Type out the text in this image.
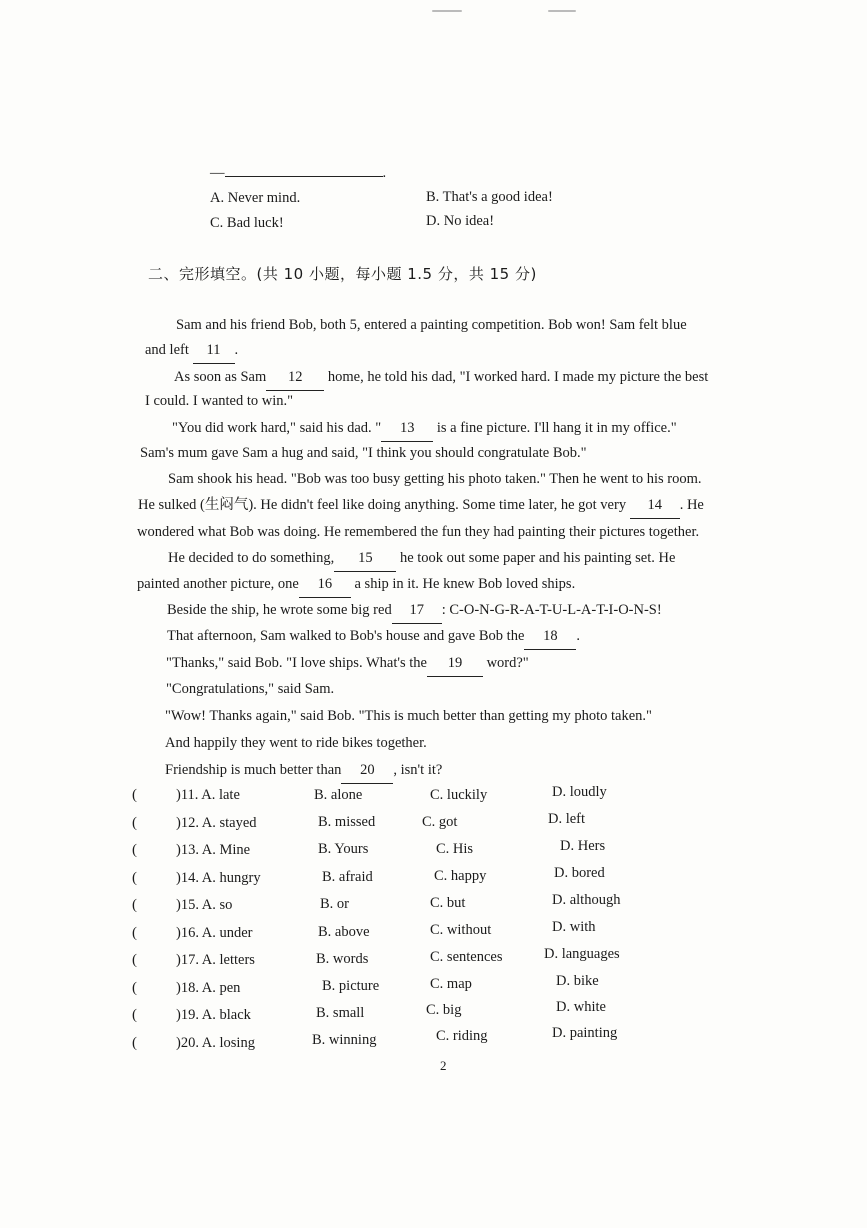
—	.
A. Never mind.	B. That's a good idea!
C. Bad luck!	D. No idea!
二、完形填空。(共 10 小题，每小题 1.5 分，共 15 分)
Sam and his friend Bob, both 5, entered a painting competition. Bob won! Sam felt blue
and left 11 .
As soon as Sam 12 home, he told his dad, "I worked hard. I made my picture the best
I could. I wanted to win."
"You did work hard," said his dad. " 13 is a fine picture. I'll hang it in my office."
Sam's mum gave Sam a hug and said, "I think you should congratulate Bob."
Sam shook his head. "Bob was too busy getting his photo taken." Then he went to his room.
He sulked (生闷气). He didn't feel like doing anything. Some time later, he got very 14 . He
wondered what Bob was doing. He remembered the fun they had painting their pictures together.
He decided to do something, 15 he took out some paper and his painting set. He
painted another picture, one 16 a ship in it. He knew Bob loved ships.
Beside the ship, he wrote some big red 17 : C-O-N-G-R-A-T-U-L-A-T-I-O-N-S!
That afternoon, Sam walked to Bob's house and gave Bob the 18 .
"Thanks," said Bob. "I love ships. What's the 19 word?"
"Congratulations," said Sam.
"Wow! Thanks again," said Bob. "This is much better than getting my photo taken."
And happily they went to ride bikes together.
Friendship is much better than 20 , isn't it?
(	)11. A. late	B. alone	C. luckily	D. loudly
(	)12. A. stayed	B. missed	C. got	D. left
(	)13. A. Mine	B. Yours	C. His	D. Hers
(	)14. A. hungry	B. afraid	C. happy	D. bored
(	)15. A. so	B. or	C. but	D. although
(	)16. A. under	B. above	C. without	D. with
(	)17. A. letters	B. words	C. sentences	D. languages
(	)18. A. pen	B. picture	C. map	D. bike
(	)19. A. black	B. small	C. big	D. white
(	)20. A. losing	B. winning	C. riding	D. painting
2
